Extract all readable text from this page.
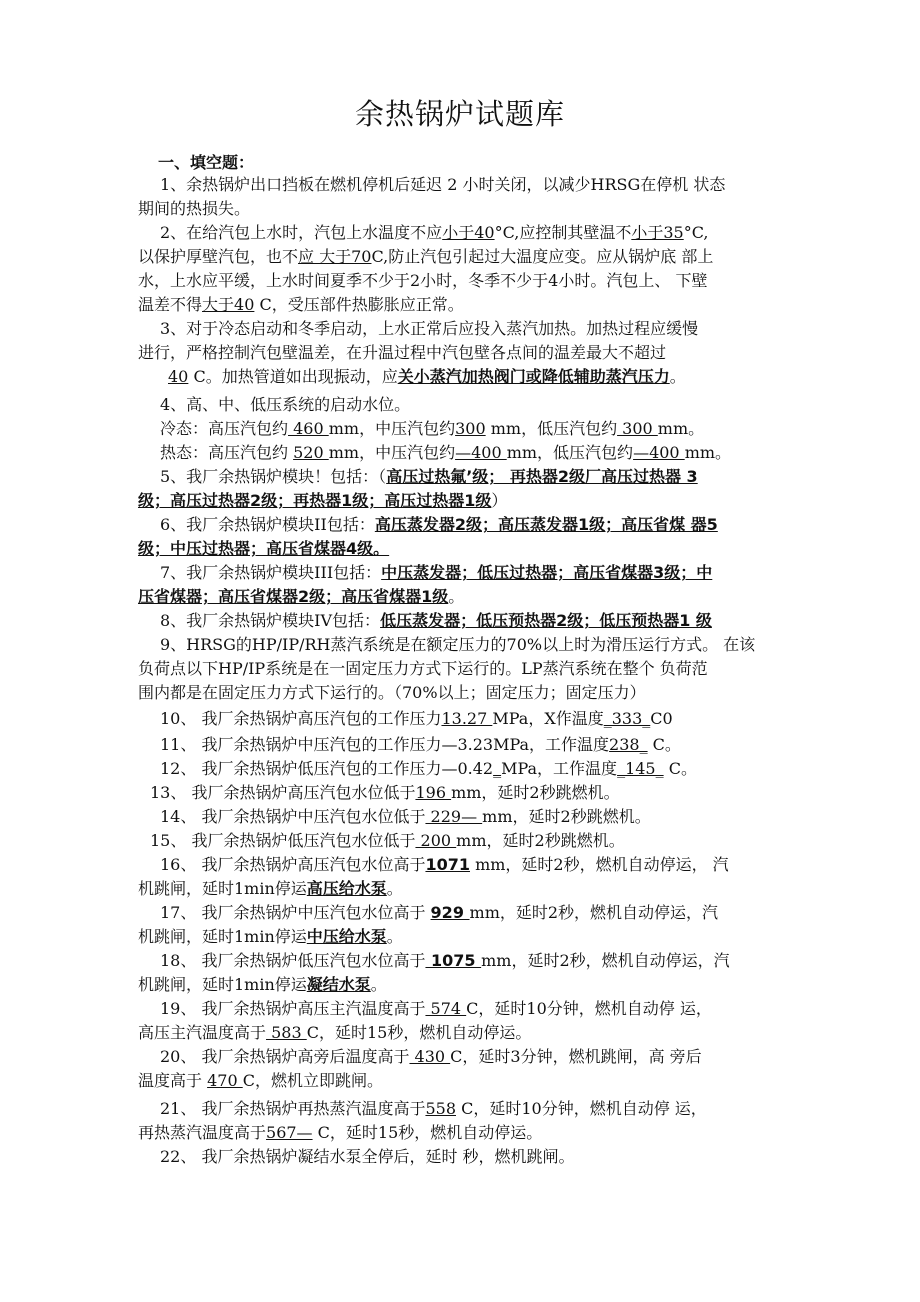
余热锅炉试题库
一、填空题：
1、余热锅炉出口挡板在燃机停机后延迟 2 小时关闭，以减少HRSG在停机 状态
期间的热损失。
2、在给汽包上水时，汽包上水温度不应小于40°C,应控制其壁温不小于35°C,
以保护厚壁汽包，也不应 大于70C,防止汽包引起过大温度应变。应从锅炉底 部上
水，上水应平缓，上水时间夏季不少于2小时，冬季不少于4小时。汽包上、 下壁
温差不得大于40 C，受压部件热膨胀应正常。
3、对于冷态启动和冬季启动，上水正常后应投入蒸汽加热。加热过程应缓慢
进行，严格控制汽包壁温差，在升温过程中汽包壁各点间的温差最大不超过
40 C。加热管道如出现振动，应关小蒸汽加热阀门或降低辅助蒸汽压力。
4、高、中、低压系统的启动水位。
冷态：高压汽包约 460 mm，中压汽包约300 mm，低压汽包约 300 mm。
热态：高压汽包约 520 mm，中压汽包约—400 mm，低压汽包约—400 mm。
5、我厂余热锅炉模块！包括：（高压过热氟’级； 再热器2级厂高压过热器 3
级；高压过热器2级；再热器1级；高压过热器1级）
6、我厂余热锅炉模块II包括：高压蒸发器2级；高压蒸发器1级；高压省煤 器5
级；中压过热器；高压省煤器4级。
7、我厂余热锅炉模块III包括：中压蒸发器；低压过热器；高压省煤器3级；中
压省煤器；高压省煤器2级；高压省煤器1级。
8、我厂余热锅炉模块IV包括：低压蒸发器；低压预热器2级；低压预热器1 级
9、HRSG的HP/IP/RH蒸汽系统是在额定压力的70%以上时为滑压运行方式。 在该
负荷点以下HP/IP系统是在一固定压力方式下运行的。LP蒸汽系统在整个 负荷范
围内都是在固定压力方式下运行的。（70%以上；固定压力；固定压力）
10、 我厂余热锅炉高压汽包的工作压力13.27 MPa，X作温度_333_C0
11、 我厂余热锅炉中压汽包的工作压力—3.23MPa，工作温度238_ C。
12、 我厂余热锅炉低压汽包的工作压力—0.42_MPa，工作温度_145_ C。
13、 我厂余热锅炉高压汽包水位低于196 mm，延时2秒跳燃机。
14、 我厂余热锅炉中压汽包水位低于 229— mm，延时2秒跳燃机。
15、 我厂余热锅炉低压汽包水位低于 200 mm，延时2秒跳燃机。
16、 我厂余热锅炉高压汽包水位高于1071 mm，延时2秒，燃机自动停运， 汽
机跳闸，延时1min停运高压给水泵。
17、 我厂余热锅炉中压汽包水位高于 929 mm，延时2秒，燃机自动停运，汽
机跳闸，延时1min停运中压给水泵。
18、 我厂余热锅炉低压汽包水位高于 1075 mm，延时2秒，燃机自动停运，汽
机跳闸，延时1min停运凝结水泵。
19、 我厂余热锅炉高压主汽温度高于 574 C，延时10分钟，燃机自动停 运，
高压主汽温度高于 583 C，延时15秒，燃机自动停运。
20、 我厂余热锅炉高旁后温度高于 430 C，延时3分钟，燃机跳闸，高 旁后
温度高于 470 C，燃机立即跳闸。
21、 我厂余热锅炉再热蒸汽温度高于558 C，延时10分钟，燃机自动停 运，
再热蒸汽温度高于567— C，延时15秒，燃机自动停运。
22、 我厂余热锅炉凝结水泵全停后，延时 秒，燃机跳闸。
